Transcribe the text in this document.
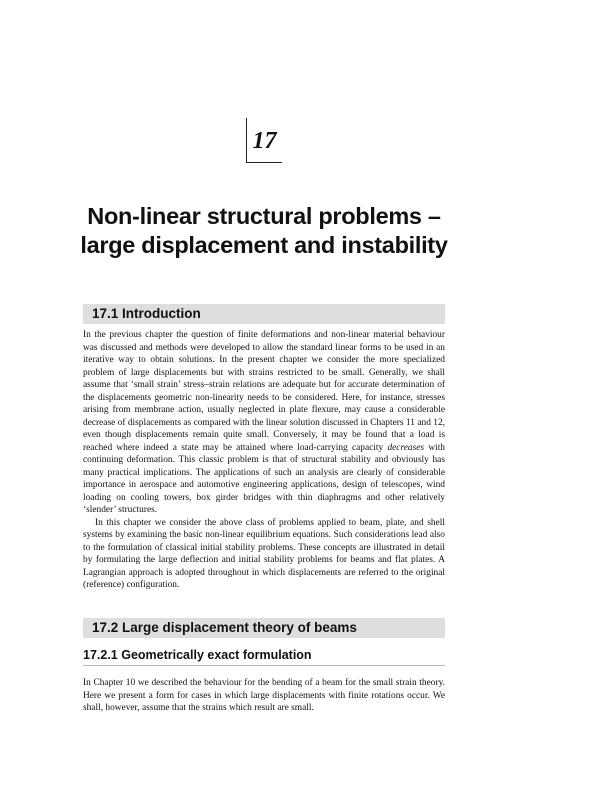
17
Non-linear structural problems –
large displacement and instability
17.1 Introduction

In the previous chapter the question of finite deformations and non-linear material behaviour was discussed and methods were developed to allow the standard linear forms to be used in an iterative way to obtain solutions. In the present chapter we consider the more specialized problem of large displacements but with strains restricted to be small. Generally, we shall assume that ‘small strain’ stress–strain relations are adequate but for accurate determination of the displacements geometric non-linearity needs to be considered. Here, for instance, stresses arising from membrane action, usually neglected in plate flexure, may cause a considerable decrease of displacements as compared with the linear solution discussed in Chapters 11 and 12, even though displacements remain quite small. Conversely, it may be found that a load is reached where indeed a state may be attained where load-carrying capacity decreases with continuing deformation. This classic problem is that of structural stability and obviously has many practical implications. The applications of such an analysis are clearly of considerable importance in aerospace and automotive engineering applications, design of telescopes, wind loading on cooling towers, box girder bridges with thin diaphragms and other relatively ‘slender’ structures.

In this chapter we consider the above class of problems applied to beam, plate, and shell systems by examining the basic non-linear equilibrium equations. Such considerations lead also to the formulation of classical initial stability problems. These concepts are illustrated in detail by formulating the large deflection and initial stability problems for beams and flat plates. A Lagrangian approach is adopted throughout in which displacements are referred to the original (reference) configuration.

17.2 Large displacement theory of beams
17.2.1 Geometrically exact formulation

In Chapter 10 we described the behaviour for the bending of a beam for the small strain theory. Here we present a form for cases in which large displacements with finite rotations occur. We shall, however, assume that the strains which result are small.
